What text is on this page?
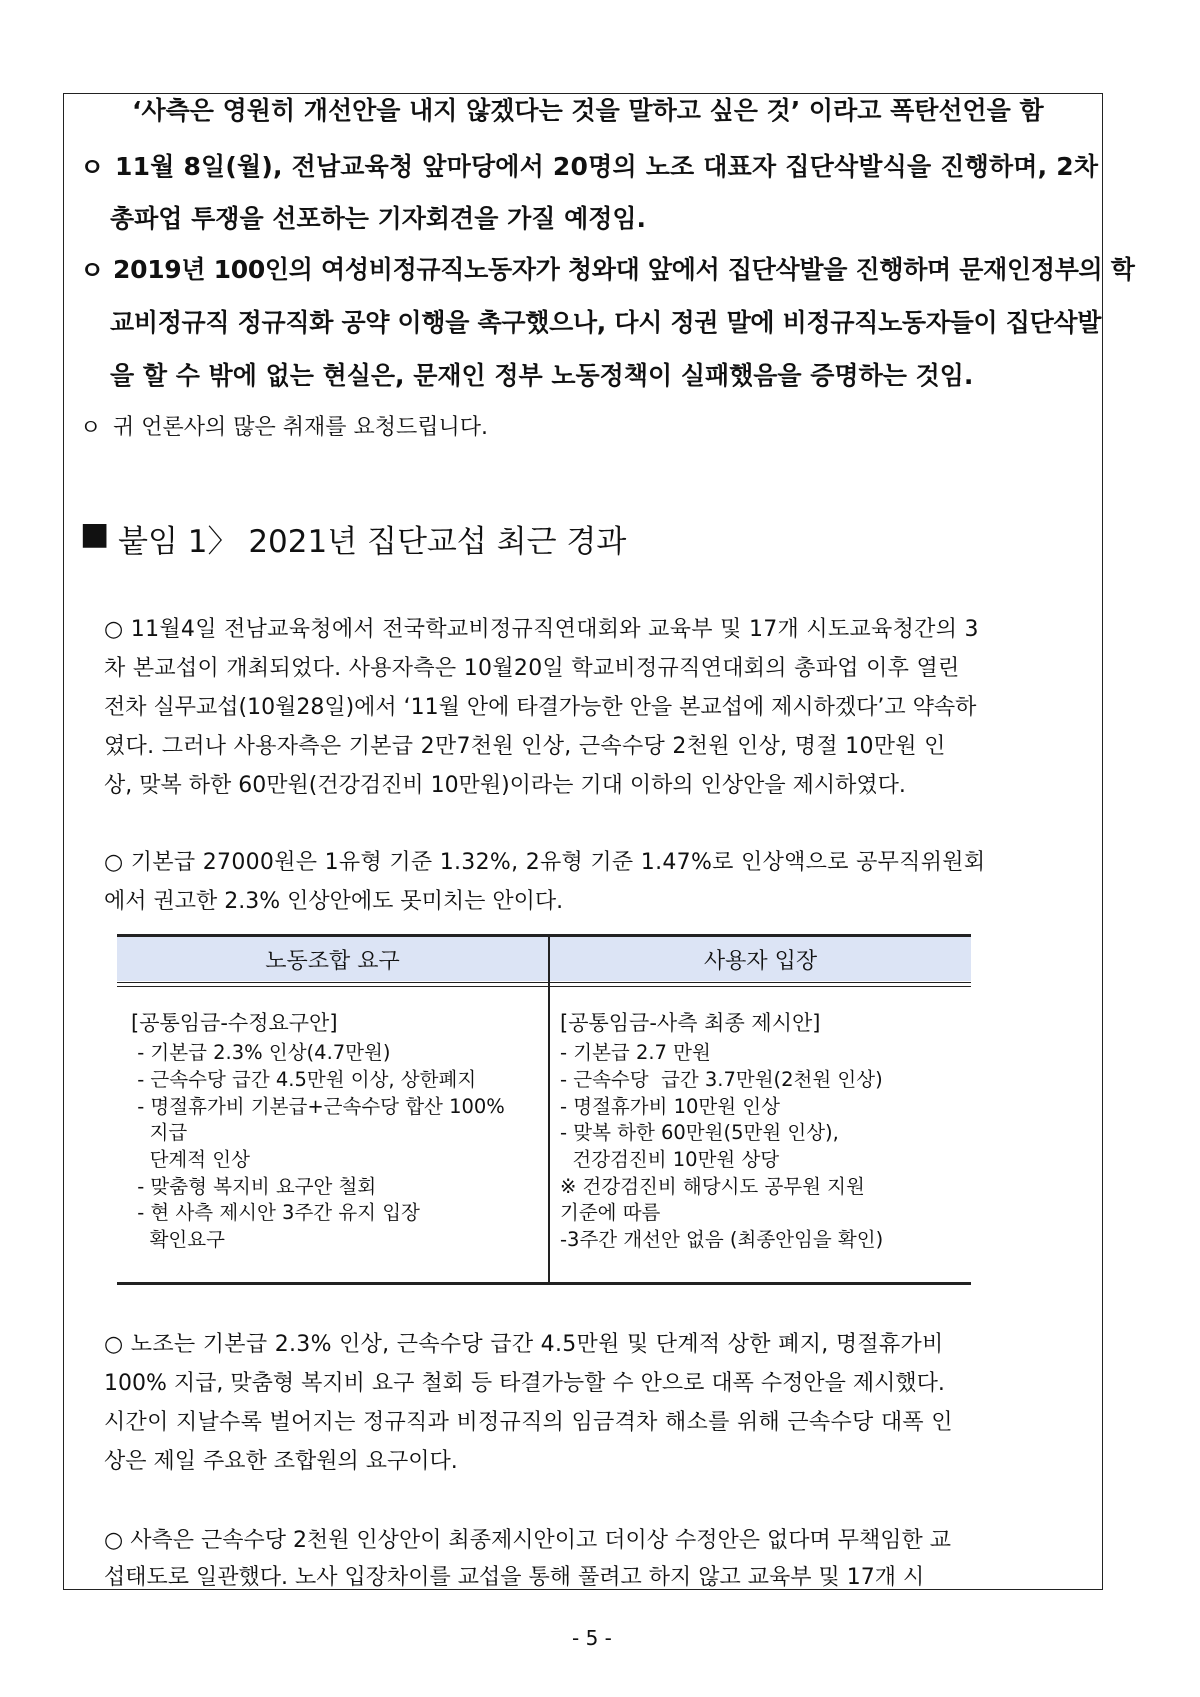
‘사측은 영원히 개선안을 내지 않겠다는 것을 말하고 싶은 것’ 이라고 폭탄선언을 함
ㅇ 11월 8일(월), 전남교육청 앞마당에서 20명의 노조 대표자 집단삭발식을 진행하며, 2차
총파업 투쟁을 선포하는 기자회견을 가질 예정임.
ㅇ 2019년 100인의 여성비정규직노동자가 청와대 앞에서 집단삭발을 진행하며 문재인정부의 학
교비정규직 정규직화 공약 이행을 촉구했으나, 다시 정권 말에 비정규직노동자들이 집단삭발
을 할 수 밖에 없는 현실은, 문재인 정부 노동정책이 실패했음을 증명하는 것임.
ㅇ 귀 언론사의 많은 취재를 요청드립니다.
■ 붙임 1〉 2021년 집단교섭 최근 경과
○ 11월4일 전남교육청에서 전국학교비정규직연대회와 교육부 및 17개 시도교육청간의 3
차 본교섭이 개최되었다. 사용자측은 10월20일 학교비정규직연대회의 총파업 이후 열린
전차 실무교섭(10월28일)에서 ‘11월 안에 타결가능한 안을 본교섭에 제시하겠다’고 약속하
였다. 그러나 사용자측은 기본급 2만7천원 인상, 근속수당 2천원 인상, 명절 10만원 인
상, 맞복 하한 60만원(건강검진비 10만원)이라는 기대 이하의 인상안을 제시하였다.
○ 기본급 27000원은 1유형 기준 1.32%, 2유형 기준 1.47%로 인상액으로 공무직위원회
에서 권고한 2.3% 인상안에도 못미치는 안이다.
노동조합 요구	사용자 입장
[공통임금-수정요구안]
- 기본급 2.3% 인상(4.7만원)
- 근속수당 급간 4.5만원 이상, 상한폐지
- 명절휴가비 기본급+근속수당 합산 100%
지급
단계적 인상
- 맞춤형 복지비 요구안 철회
- 현 사측 제시안 3주간 유지 입장
확인요구
[공통임금-사측 최종 제시안]
- 기본급 2.7 만원
- 근속수당  급간 3.7만원(2천원 인상)
- 명절휴가비 10만원 인상
- 맞복 하한 60만원(5만원 인상),
건강검진비 10만원 상당
※ 건강검진비 해당시도 공무원 지원
기준에 따름
-3주간 개선안 없음 (최종안임을 확인)
○ 노조는 기본급 2.3% 인상, 근속수당 급간 4.5만원 및 단계적 상한 폐지, 명절휴가비
100% 지급, 맞춤형 복지비 요구 철회 등 타결가능할 수 안으로 대폭 수정안을 제시했다.
시간이 지날수록 벌어지는 정규직과 비정규직의 임금격차 해소를 위해 근속수당 대폭 인
상은 제일 주요한 조합원의 요구이다.
○ 사측은 근속수당 2천원 인상안이 최종제시안이고 더이상 수정안은 없다며 무책임한 교
섭태도로 일관했다. 노사 입장차이를 교섭을 통해 풀려고 하지 않고 교육부 및 17개 시
- 5 -
